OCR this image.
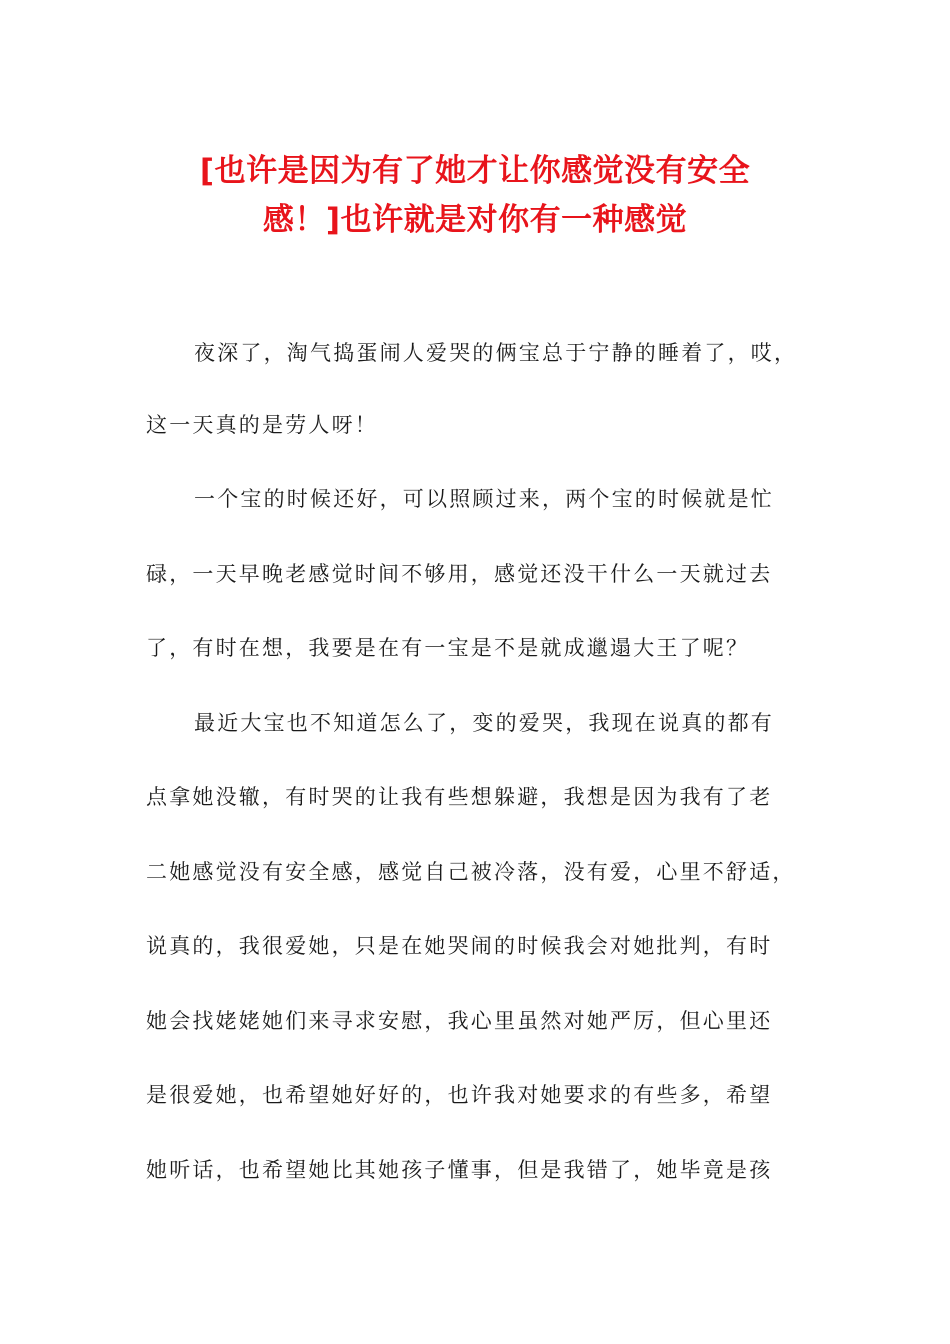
[也许是因为有了她才让你感觉没有安全
感！]也许就是对你有一种感觉
夜深了，淘气捣蛋闹人爱哭的俩宝总于宁静的睡着了，哎，
这一天真的是劳人呀！
一个宝的时候还好，可以照顾过来，两个宝的时候就是忙
碌，一天早晚老感觉时间不够用，感觉还没干什么一天就过去
了，有时在想，我要是在有一宝是不是就成邋遢大王了呢？
最近大宝也不知道怎么了，变的爱哭，我现在说真的都有
点拿她没辙，有时哭的让我有些想躲避，我想是因为我有了老
二她感觉没有安全感，感觉自己被冷落，没有爱，心里不舒适，
说真的，我很爱她，只是在她哭闹的时候我会对她批判，有时
她会找姥姥她们来寻求安慰，我心里虽然对她严厉，但心里还
是很爱她，也希望她好好的，也许我对她要求的有些多，希望
她听话，也希望她比其她孩子懂事，但是我错了，她毕竟是孩
